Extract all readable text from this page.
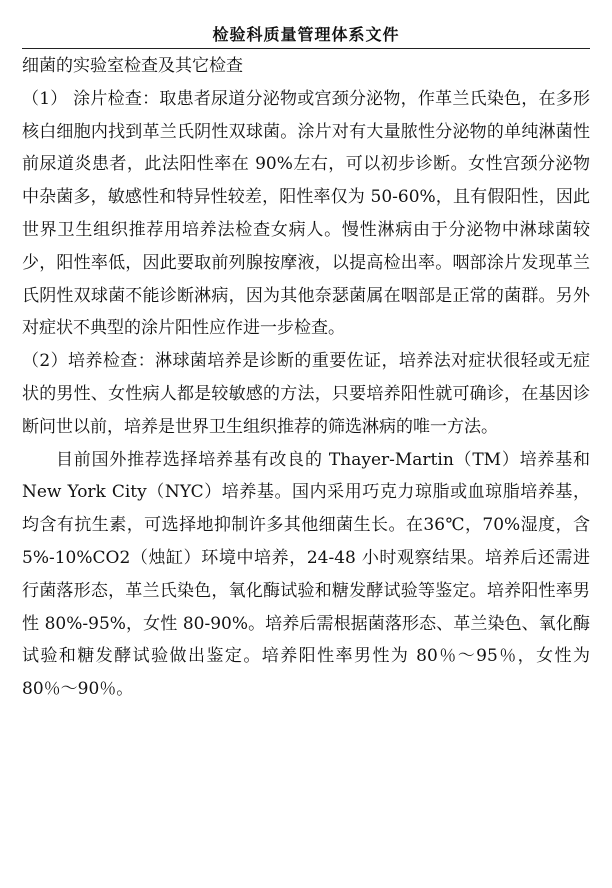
检验科质量管理体系文件

细菌的实验室检查及其它检查

（1） 涂片检查：取患者尿道分泌物或宫颈分泌物，作革兰氏染色，在多形核白细胞内找到革兰氏阴性双球菌。涂片对有大量脓性分泌物的单纯淋菌性前尿道炎患者，此法阳性率在 90%左右，可以初步诊断。女性宫颈分泌物中杂菌多，敏感性和特异性较差，阳性率仅为 50-60%，且有假阳性，因此世界卫生组织推荐用培养法检查女病人。慢性淋病由于分泌物中淋球菌较少，阳性率低，因此要取前列腺按摩液，以提高检出率。咽部涂片发现革兰氏阴性双球菌不能诊断淋病，因为其他奈瑟菌属在咽部是正常的菌群。另外对症状不典型的涂片阳性应作进一步检查。

（2）培养检查：淋球菌培养是诊断的重要佐证，培养法对症状很轻或无症状的男性、女性病人都是较敏感的方法，只要培养阳性就可确诊，在基因诊断问世以前，培养是世界卫生组织推荐的筛选淋病的唯一方法。

目前国外推荐选择培养基有改良的 Thayer-Martin（TM）培养基和 New York City（NYC）培养基。国内采用巧克力琼脂或血琼脂培养基，均含有抗生素，可选择地抑制许多其他细菌生长。在36℃，70%湿度，含 5%-10%CO2（烛缸）环境中培养，24-48 小时观察结果。培养后还需进行菌落形态，革兰氏染色，氧化酶试验和糖发酵试验等鉴定。培养阳性率男性 80%-95%，女性 80-90%。培养后需根据菌落形态、革兰染色、氧化酶试验和糖发酵试验做出鉴定。培养阳性率男性为 80％～95％，女性为 80％～90％。
